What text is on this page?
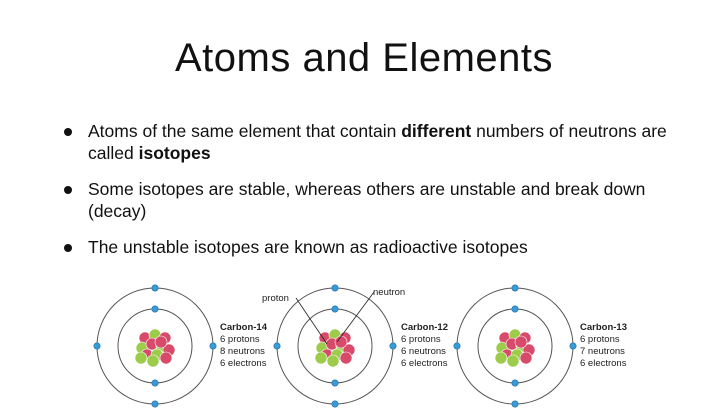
Atoms and Elements
Atoms of the same element that contain different numbers of neutrons are called isotopes
Some isotopes are stable, whereas others are unstable and break down (decay)
The unstable isotopes are known as radioactive isotopes
Carbon-14
6 protons
8 neutrons
6 electrons
Carbon-12
6 protons
6 neutrons
6 electrons
Carbon-13
6 protons
7 neutrons
6 electrons
proton
neutron
